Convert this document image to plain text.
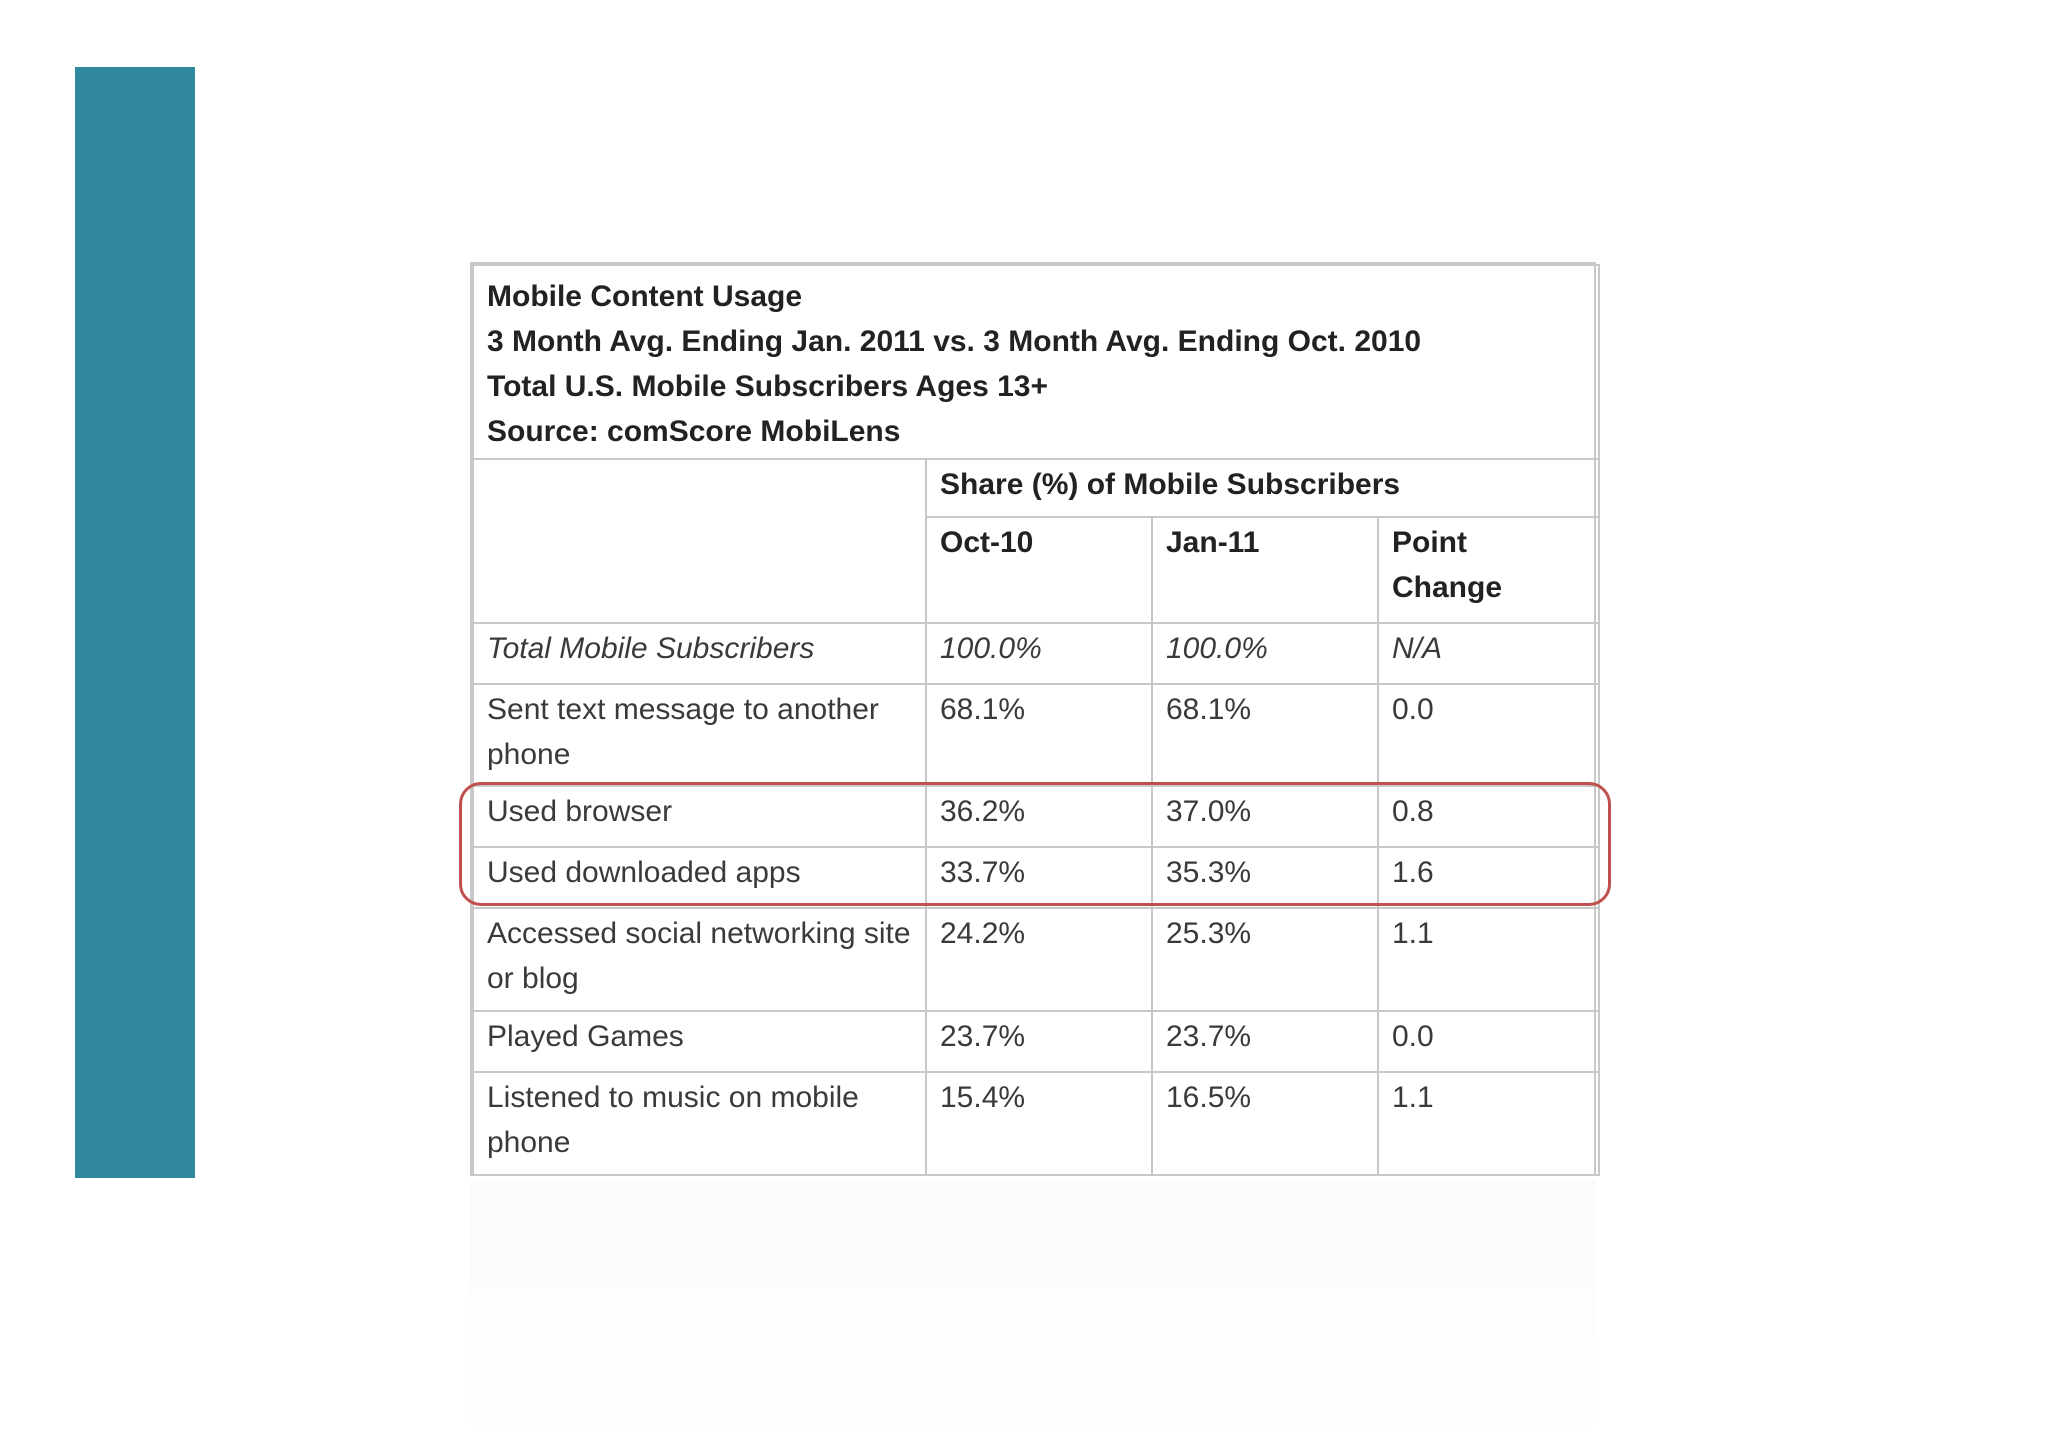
Mobile Content Usage
3 Month Avg. Ending Jan. 2011 vs. 3 Month Avg. Ending Oct. 2010
Total U.S. Mobile Subscribers Ages 13+
Source: comScore MobiLens			

	Share (%) of Mobile Subscribers		
	Oct-10	Jan-11	Point
Change

Total Mobile Subscribers	100.0%	100.0%	N/A
Sent text message to another phone	68.1%	68.1%	0.0
Used browser	36.2%	37.0%	0.8
Used downloaded apps	33.7%	35.3%	1.6
Accessed social networking site or blog	24.2%	25.3%	1.1
Played Games	23.7%	23.7%	0.0
Listened to music on mobile phone	15.4%	16.5%	1.1
